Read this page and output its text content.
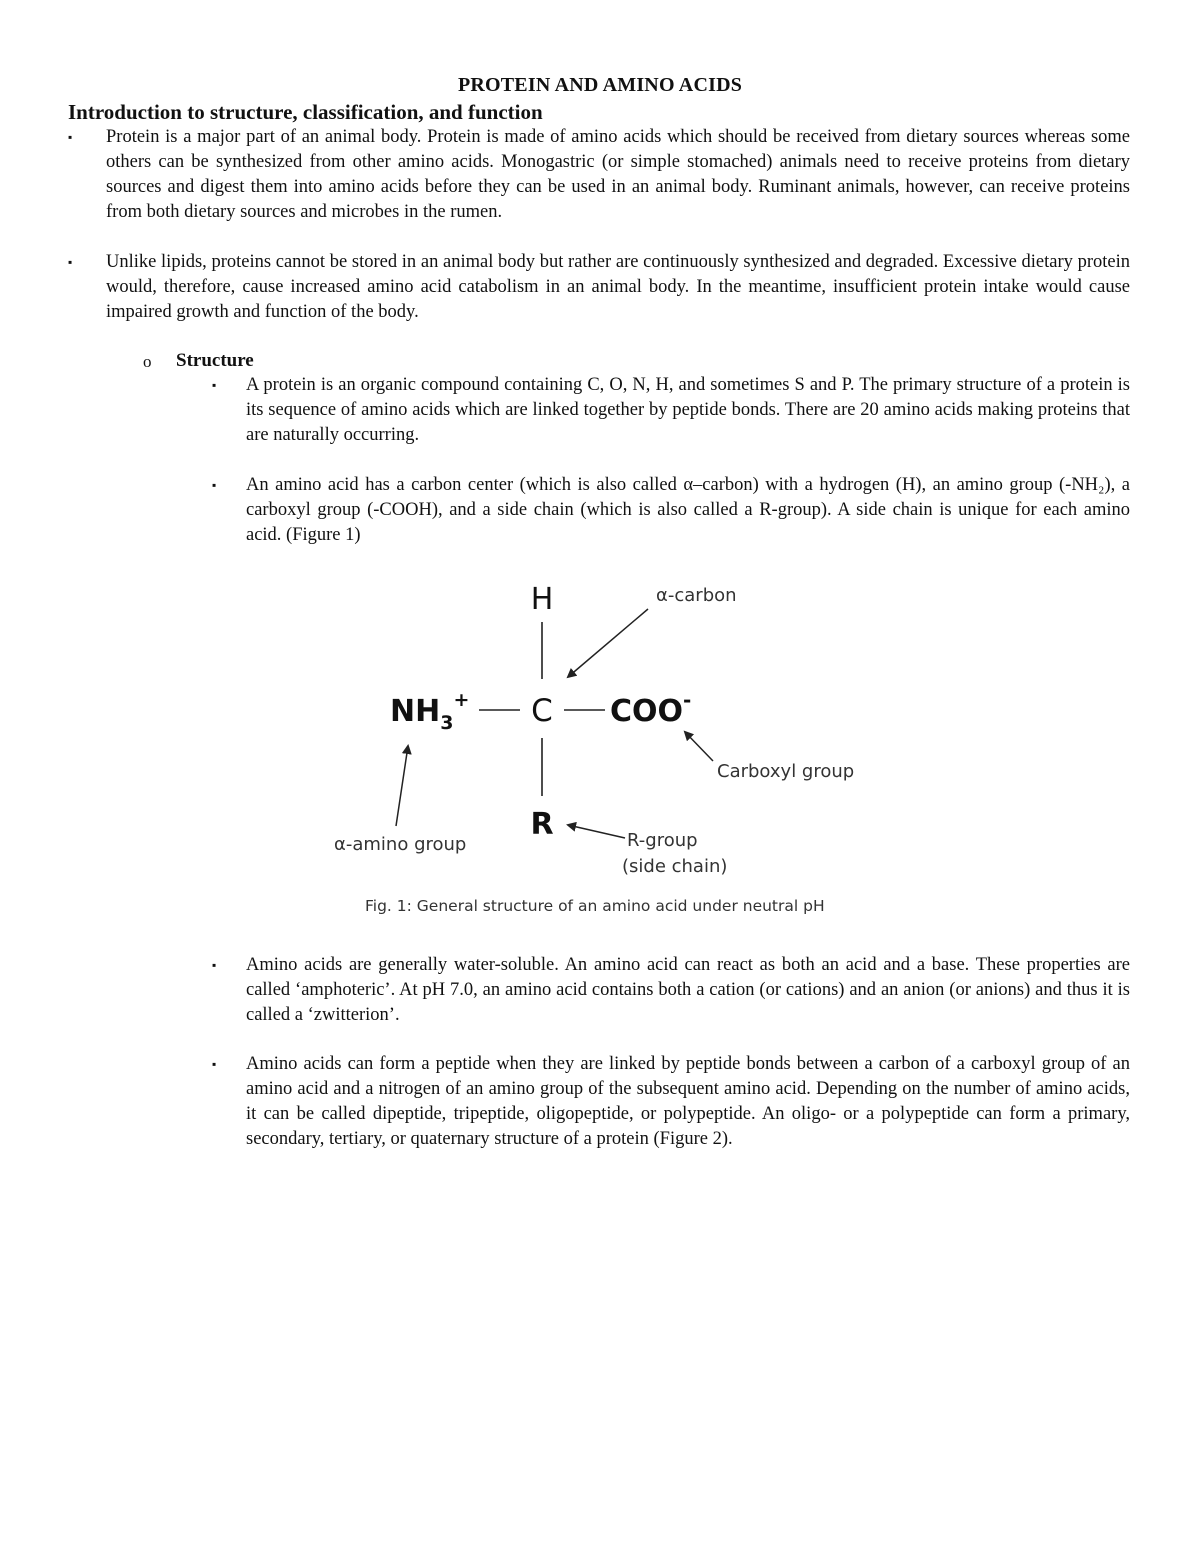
PROTEIN AND AMINO ACIDS
Introduction to structure, classification, and function
▪ Protein is a major part of an animal body. Protein is made of amino acids which should be received from dietary sources whereas some others can be synthesized from other amino acids. Monogastric (or simple stomached) animals need to receive proteins from dietary sources and digest them into amino acids before they can be used in an animal body. Ruminant animals, however, can receive proteins from both dietary sources and microbes in the rumen.

▪ Unlike lipids, proteins cannot be stored in an animal body but rather are continuously synthesized and degraded. Excessive dietary protein would, therefore, cause increased amino acid catabolism in an animal body. In the meantime, insufficient protein intake would cause impaired growth and function of the body.

o Structure
▪ A protein is an organic compound containing C, O, N, H, and sometimes S and P. The primary structure of a protein is its sequence of amino acids which are linked together by peptide bonds. There are 20 amino acids making proteins that are naturally occurring.

▪ An amino acid has a carbon center (which is also called α–carbon) with a hydrogen (H), an amino group (-NH₂), a carboxyl group (-COOH), and a side chain (which is also called a R-group). A side chain is unique for each amino acid. (Figure 1)

H
C
$NH_3^+$	COO-
R
α-carbon
Carboxyl group
α-amino group	R-group
(side chain)
Fig. 1: General structure of an amino acid under neutral pH
▪ Amino acids are generally water-soluble. An amino acid can react as both an acid and a base. These properties are called ‘amphoteric’. At pH 7.0, an amino acid contains both a cation (or cations) and an anion (or anions) and thus it is called a ‘zwitterion’.

▪ Amino acids can form a peptide when they are linked by peptide bonds between a carbon of a carboxyl group of an amino acid and a nitrogen of an amino group of the subsequent amino acid. Depending on the number of amino acids, it can be called dipeptide, tripeptide, oligopeptide, or polypeptide. An oligo- or a polypeptide can form a primary, secondary, tertiary, or quaternary structure of a protein (Figure 2).
